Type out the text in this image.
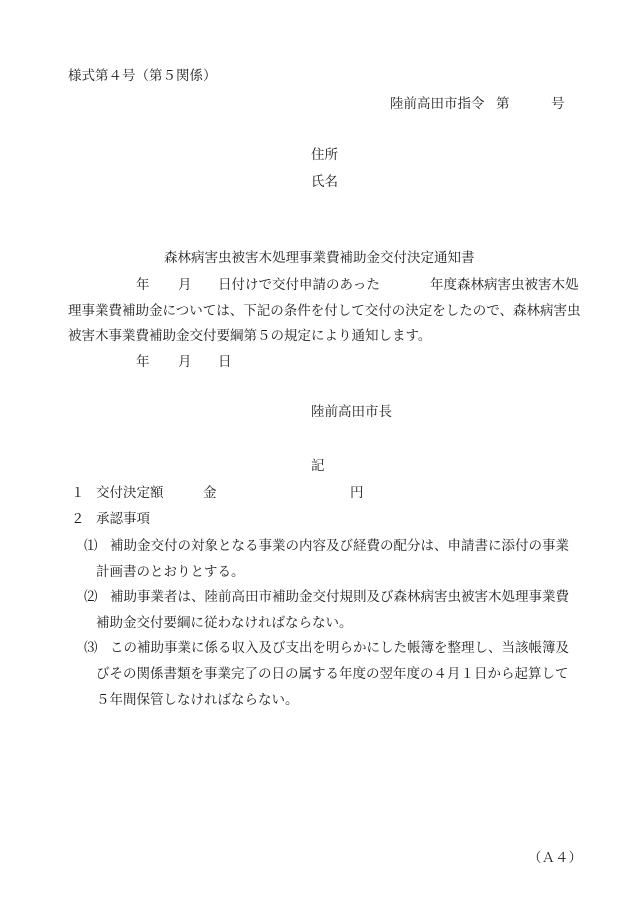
様式第４号（第５関係）
陸前高田市指令 第	号
住所
氏名
森林病害虫被害木処理事業費補助金交付決定通知書
年 月 日付けで交付申請のあった	年度森林病害虫被害木処
理事業費補助金については、下記の条件を付して交付の決定をしたので、森林病害虫
被害木事業費補助金交付要綱第５の規定により通知します。
年 月 日
陸前高田市長
記
１ 交付決定額	金	円
２ 承認事項
⑴ 補助金交付の対象となる事業の内容及び経費の配分は、申請書に添付の事業
計画書のとおりとする。
⑵ 補助事業者は、陸前高田市補助金交付規則及び森林病害虫被害木処理事業費
補助金交付要綱に従わなければならない。
⑶ この補助事業に係る収入及び支出を明らかにした帳簿を整理し、当該帳簿及
びその関係書類を事業完了の日の属する年度の翌年度の４月１日から起算して
５年間保管しなければならない。
（Ａ４）
